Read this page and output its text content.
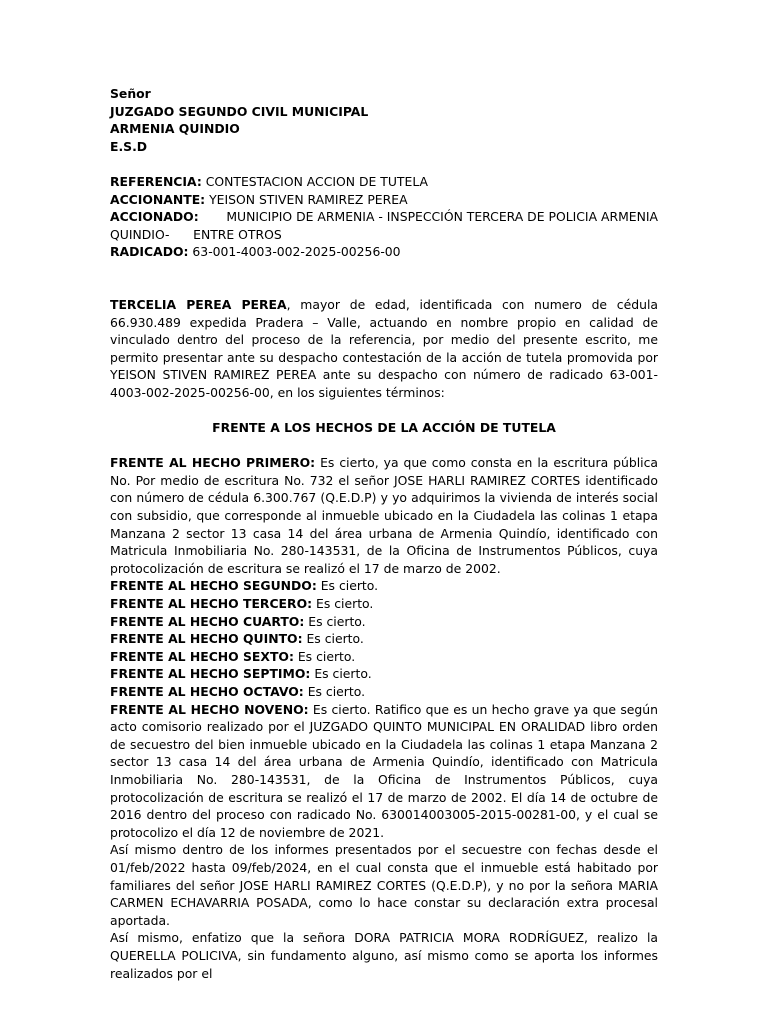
Señor

JUZGADO SEGUNDO CIVIL MUNICIPAL

ARMENIA QUINDIO

E.S.D

REFERENCIA: CONTESTACION ACCION DE TUTELA

ACCIONANTE: YEISON STIVEN RAMIREZ PEREA

ACCIONADO: MUNICIPIO DE ARMENIA - INSPECCIÓN TERCERA DE POLICIA ARMENIA

QUINDIO-      ENTRE OTROS

RADICADO: 63-001-4003-002-2025-00256-00

TERCELIA PEREA PEREA, mayor de edad, identificada con numero de cédula 66.930.489 expedida Pradera – Valle, actuando en nombre propio en calidad de vinculado dentro del proceso de la referencia, por medio del presente escrito, me permito presentar ante su despacho contestación de la acción de tutela promovida por YEISON STIVEN RAMIREZ PEREA ante su despacho con número de radicado 63-001-4003-002-2025-00256-00, en los siguientes términos:

FRENTE A LOS HECHOS DE LA ACCIÓN DE TUTELA

FRENTE AL HECHO PRIMERO: Es cierto, ya que como consta en la escritura pública No. Por medio de escritura No. 732 el señor JOSE HARLI RAMIREZ CORTES identificado con número de cédula 6.300.767 (Q.E.D.P) y yo adquirimos la vivienda de interés social con subsidio, que corresponde al inmueble ubicado en la Ciudadela las colinas 1 etapa Manzana 2 sector 13 casa 14 del área urbana de Armenia Quindío, identificado con Matricula Inmobiliaria No. 280-143531, de la Oficina de Instrumentos Públicos, cuya protocolización de escritura se realizó el 17 de marzo de 2002.

FRENTE AL HECHO SEGUNDO: Es cierto.

FRENTE AL HECHO TERCERO: Es cierto.

FRENTE AL HECHO CUARTO: Es cierto.

FRENTE AL HECHO QUINTO: Es cierto.

FRENTE AL HECHO SEXTO: Es cierto.

FRENTE AL HECHO SEPTIMO: Es cierto.

FRENTE AL HECHO OCTAVO: Es cierto.

FRENTE AL HECHO NOVENO: Es cierto. Ratifico que es un hecho grave ya que según acto comisorio realizado por el JUZGADO QUINTO MUNICIPAL EN ORALIDAD libro orden de secuestro del bien inmueble ubicado en la Ciudadela las colinas 1 etapa Manzana 2 sector 13 casa 14 del área urbana de Armenia Quindío, identificado con Matricula Inmobiliaria No. 280-143531, de la Oficina de Instrumentos Públicos, cuya protocolización de escritura se realizó el 17 de marzo de 2002. El día 14 de octubre de 2016 dentro del proceso con radicado No. 630014003005-2015-00281-00, y el cual se protocolizo el día 12 de noviembre de 2021.

Así mismo dentro de los informes presentados por el secuestre con fechas desde el 01/feb/2022 hasta 09/feb/2024, en el cual consta que el inmueble está habitado por familiares del señor JOSE HARLI RAMIREZ CORTES (Q.E.D.P), y no por la señora MARIA CARMEN ECHAVARRIA POSADA, como lo hace constar su declaración extra procesal aportada.

Así mismo, enfatizo que la señora DORA PATRICIA MORA RODRÍGUEZ, realizo la QUERELLA POLICIVA, sin fundamento alguno, así mismo como se aporta los informes realizados por el
